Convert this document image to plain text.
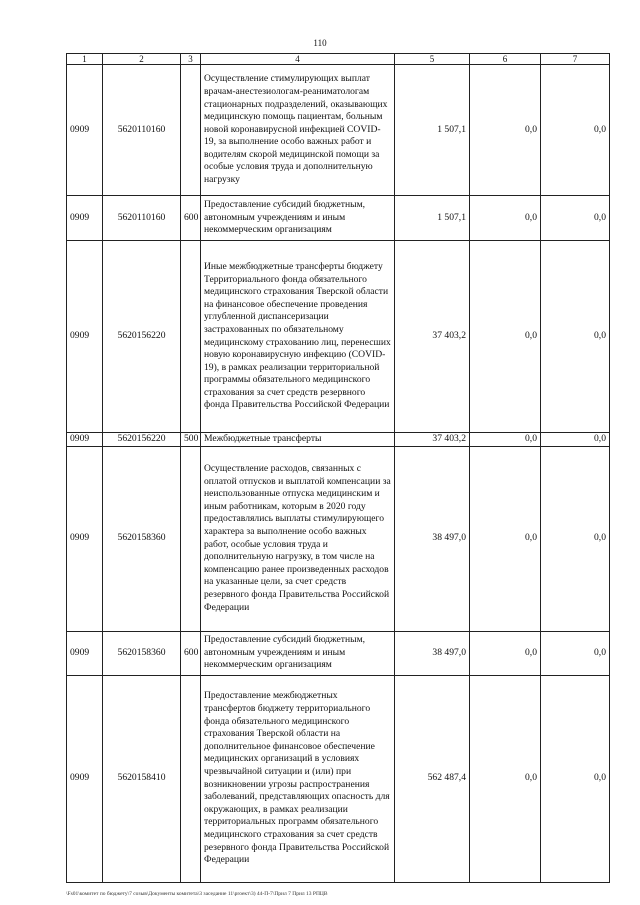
110
1	2	3	4	5	6	7
0909	5620110160		Осуществление стимулирующих выплат врачам-анестезиологам-реаниматологам стационарных подразделений, оказывающих медицинскую помощь пациентам, больным новой коронавирусной инфекцией COVID-19, за выполнение особо важных работ и водителям скорой медицинской помощи за особые условия труда и дополнительную нагрузку	1 507,1	0,0	0,0
0909	5620110160	600	Предоставление субсидий бюджетным, автономным учреждениям и иным некоммерческим организациям	1 507,1	0,0	0,0
0909	5620156220		Иные межбюджетные трансферты бюджету Территориального фонда обязательного медицинского страхования Тверской области на финансовое обеспечение проведения углубленной диспансеризации застрахованных по обязательному медицинскому страхованию лиц, перенесших новую коронавирусную инфекцию (COVID-19), в рамках реализации территориальной программы обязательного медицинского страхования за счет средств резервного фонда Правительства Российской Федерации	37 403,2	0,0	0,0
0909	5620156220	500	Межбюджетные трансферты	37 403,2	0,0	0,0
0909	5620158360		Осуществление расходов, связанных с оплатой отпусков и выплатой компенсации за неиспользованные отпуска медицинским и иным работникам, которым в 2020 году предоставлялись выплаты стимулирующего характера за выполнение особо важных работ, особые условия труда и дополнительную нагрузку, в том числе на компенсацию ранее произведенных расходов на указанные цели, за счет средств резервного фонда Правительства Российской Федерации	38 497,0	0,0	0,0
0909	5620158360	600	Предоставление субсидий бюджетным, автономным учреждениям и иным некоммерческим организациям	38 497,0	0,0	0,0
0909	5620158410		Предоставление межбюджетных трансфертов бюджету территориального фонда обязательного медицинского страхования Тверской области на дополнительное финансовое обеспечение медицинских организаций в условиях чрезвычайной ситуации и (или) при возникновении угрозы распространения заболеваний, представляющих опасность для окружающих, в рамках реализации территориальных программ обязательного медицинского страхования за счет средств резервного фонда Правительства Российской Федерации	562 487,4	0,0	0,0
\Fs01\комитет по бюджету\7 созыв\Документы комитета\3 заседание 11\proект\3) 44-П-7\Прил 7 Прил 13 РПЦВ
